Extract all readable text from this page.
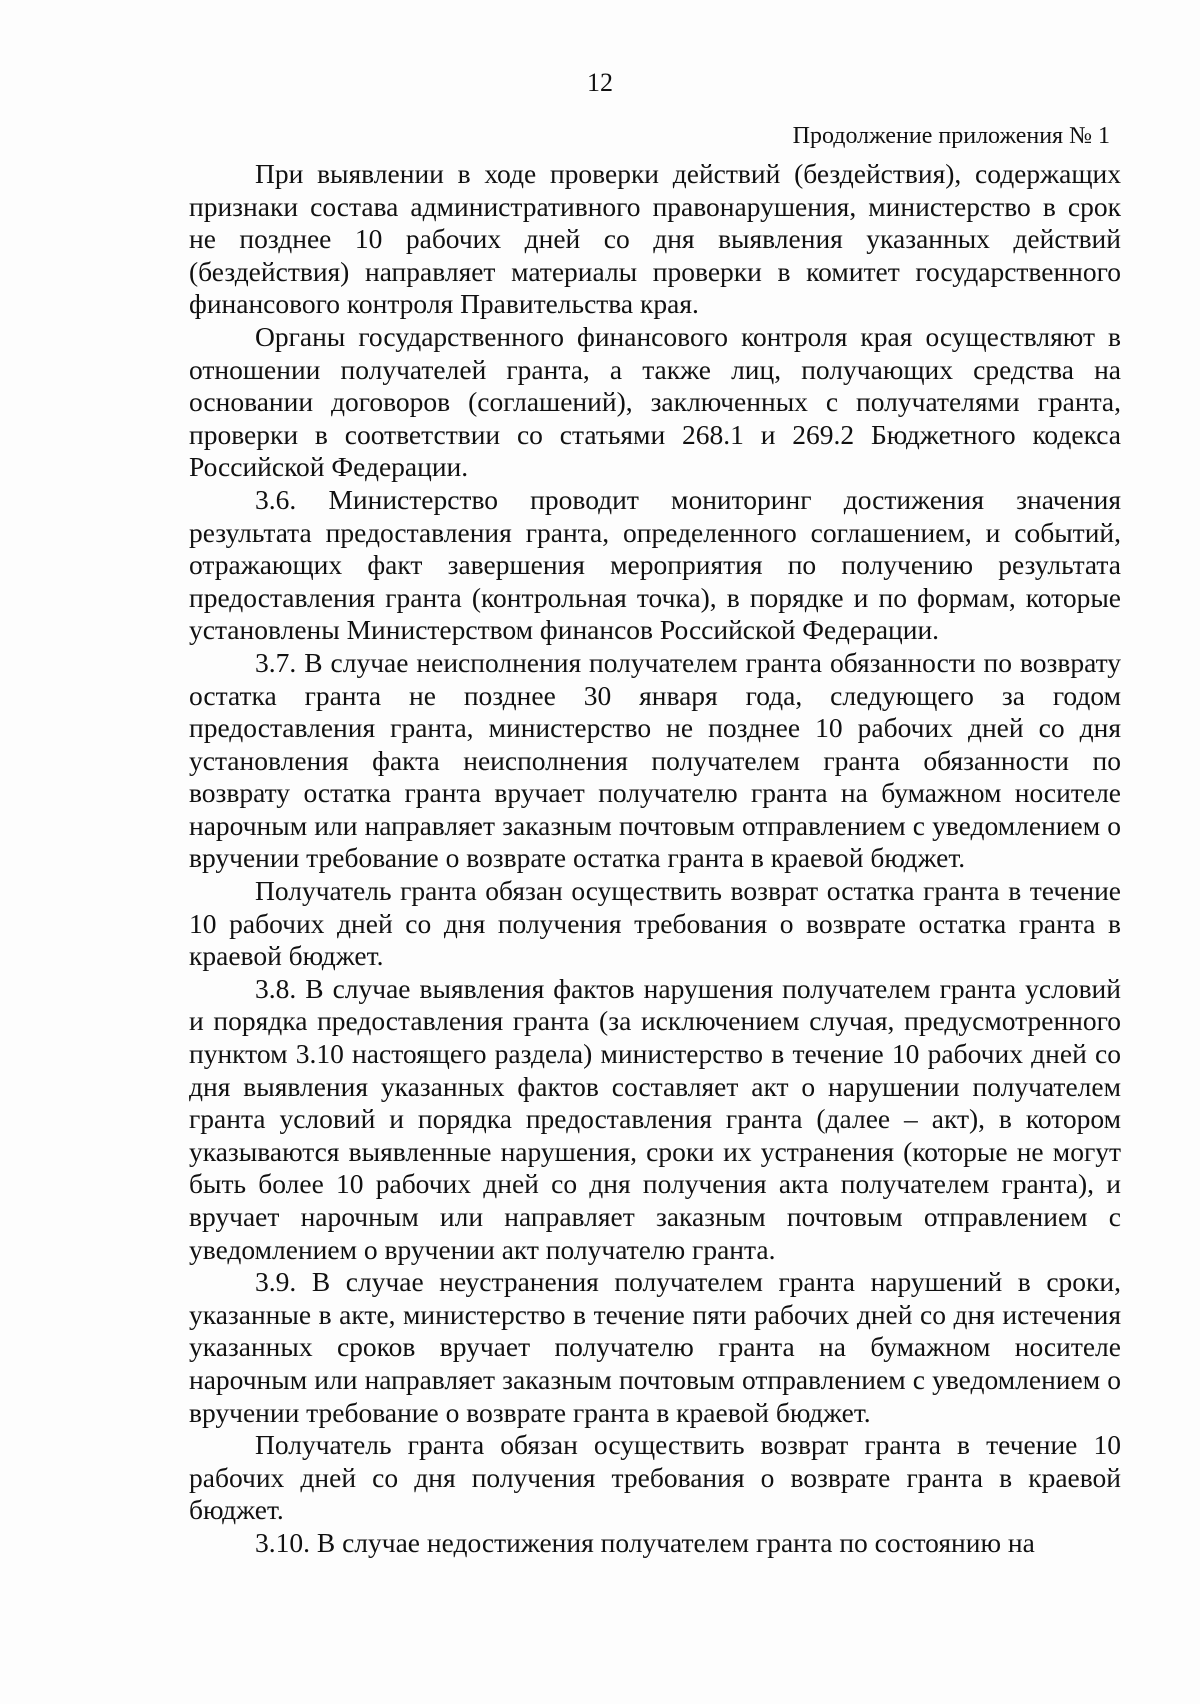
12
Продолжение приложения № 1

При выявлении в ходе проверки действий (бездействия), содержащих признаки состава административного правонарушения, министерство в срок не позднее 10 рабочих дней со дня выявления указанных действий (бездействия) направляет материалы проверки в комитет государственного финансового контроля Правительства края.

Органы государственного финансового контроля края осуществляют в отношении получателей гранта, а также лиц, получающих средства на основании договоров (соглашений), заключенных с получателями гранта, проверки в соответствии со статьями 268.1 и 269.2 Бюджетного кодекса Российской Федерации.

3.6. Министерство проводит мониторинг достижения значения результата предоставления гранта, определенного соглашением, и событий, отражающих факт завершения мероприятия по получению результата предоставления гранта (контрольная точка), в порядке и по формам, которые установлены Министерством финансов Российской Федерации.

3.7. В случае неисполнения получателем гранта обязанности по возврату остатка гранта не позднее 30 января года, следующего за годом предоставления гранта, министерство не позднее 10 рабочих дней со дня установления факта неисполнения получателем гранта обязанности по возврату остатка гранта вручает получателю гранта на бумажном носителе нарочным или направляет заказным почтовым отправлением с уведомлением о вручении требование о возврате остатка гранта в краевой бюджет.

Получатель гранта обязан осуществить возврат остатка гранта в течение 10 рабочих дней со дня получения требования о возврате остатка гранта в краевой бюджет.

3.8. В случае выявления фактов нарушения получателем гранта условий и порядка предоставления гранта (за исключением случая, предусмотренного пунктом 3.10 настоящего раздела) министерство в течение 10 рабочих дней со дня выявления указанных фактов составляет акт о нарушении получателем гранта условий и порядка предоставления гранта (далее – акт), в котором указываются выявленные нарушения, сроки их устранения (которые не могут быть более 10 рабочих дней со дня получения акта получателем гранта), и вручает нарочным или направляет заказным почтовым отправлением с уведомлением о вручении акт получателю гранта.

3.9. В случае неустранения получателем гранта нарушений в сроки, указанные в акте, министерство в течение пяти рабочих дней со дня истечения указанных сроков вручает получателю гранта на бумажном носителе нарочным или направляет заказным почтовым отправлением с уведомлением о вручении требование о возврате гранта в краевой бюджет.

Получатель гранта обязан осуществить возврат гранта в течение 10 рабочих дней со дня получения требования о возврате гранта в краевой бюджет.

3.10. В случае недостижения получателем гранта по состоянию на
